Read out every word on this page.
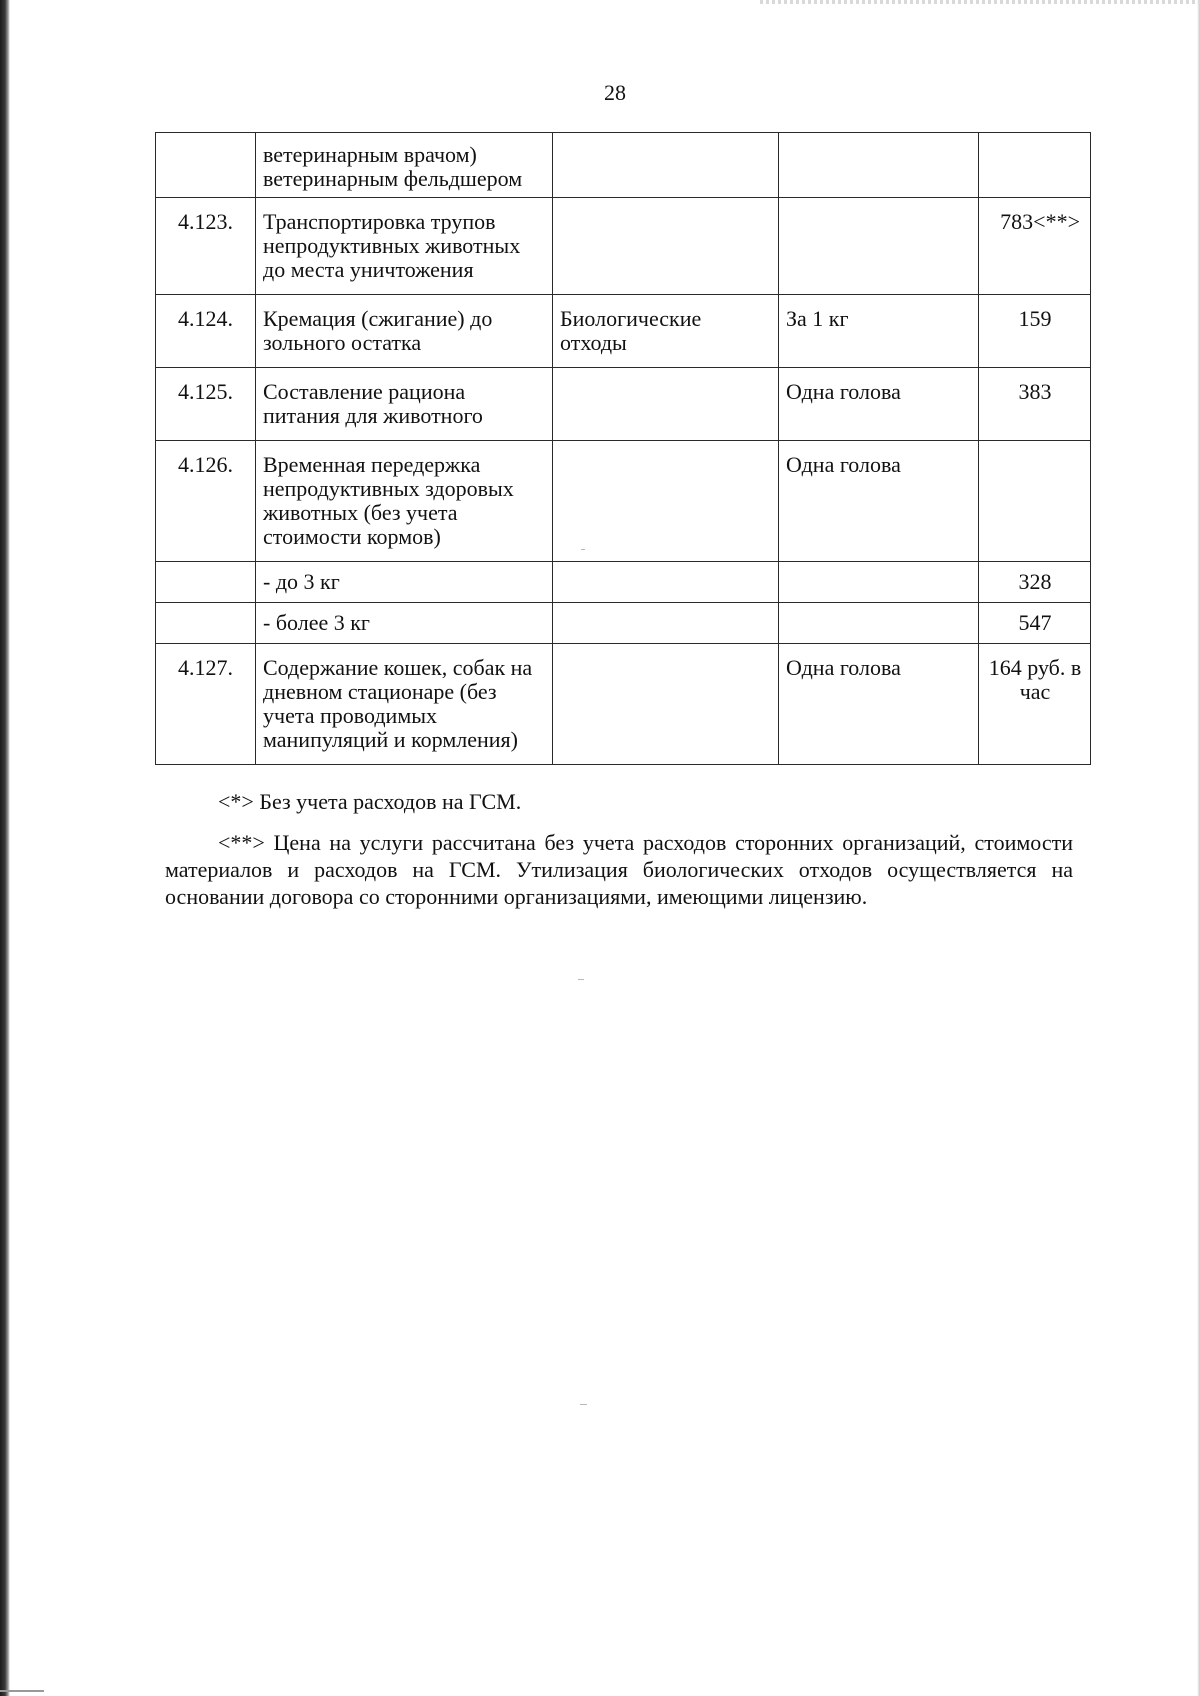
28
	ветеринарным врачом) ветеринарным фельдшером			
4.123.	Транспортировка трупов непродуктивных животных до места уничтожения			783<**>
4.124.	Кремация (сжигание) до зольного остатка	Биологические отходы	За 1 кг	159
4.125.	Составление рациона питания для животного		Одна голова	383
4.126.	Временная передержка непродуктивных здоровых животных (без учета стоимости кормов)		Одна голова	
	- до 3 кг			328
	- более 3 кг			547
4.127.	Содержание кошек, собак на дневном стационаре (без учета проводимых манипуляций и кормления)		Одна голова	164 руб. в час

<*> Без учета расходов на ГСМ.

<**> Цена на услуги рассчитана без учета расходов сторонних организаций, стоимости материалов и расходов на ГСМ. Утилизация биологических отходов осуществляется на основании договора со сторонними организациями, имеющими лицензию.
